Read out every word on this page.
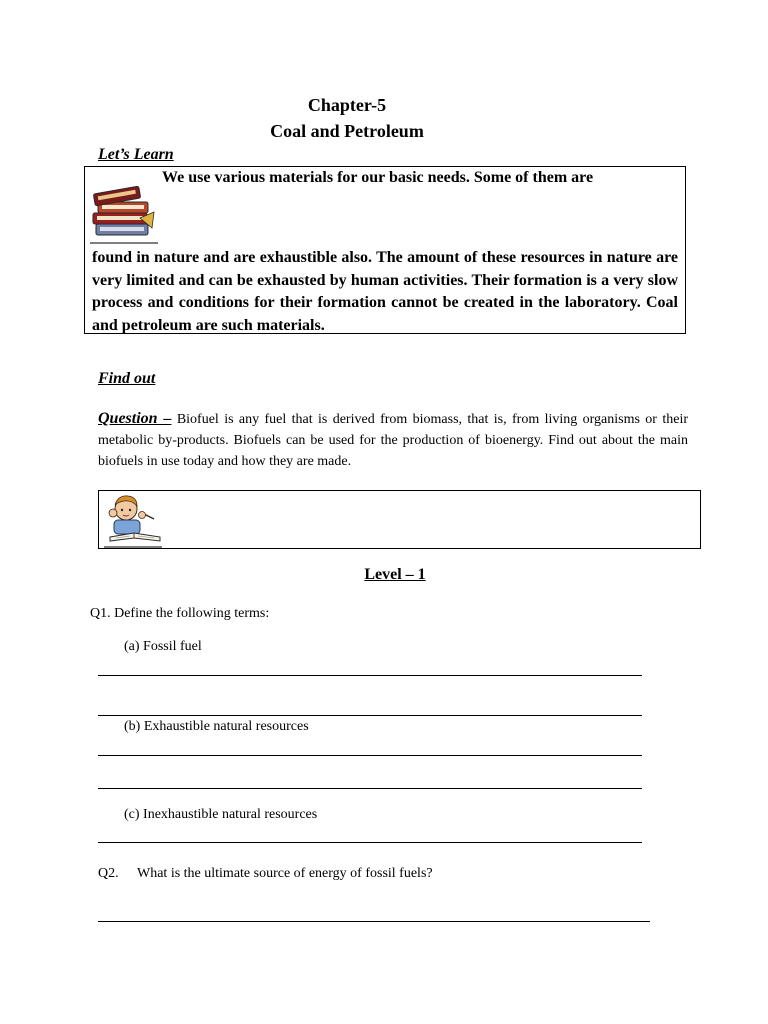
Chapter-5
Coal and Petroleum
Let’s Learn
We use various materials for our basic needs. Some of them are
found in nature and are exhaustible also. The amount of these resources in nature are very limited and can be exhausted by human activities. Their formation is a very slow process and conditions for their formation cannot be created in the laboratory. Coal and petroleum are such materials.
Find out
Question – Biofuel is any fuel that is derived from biomass, that is, from living organisms or their metabolic by-products. Biofuels can be used for the production of bioenergy. Find out about the main biofuels in use today and how they are made.
Level – 1
Q1. Define the following terms:
(a) Fossil fuel
(b) Exhaustible natural resources
(c) Inexhaustible natural resources
Q2. What is the ultimate source of energy of fossil fuels?
